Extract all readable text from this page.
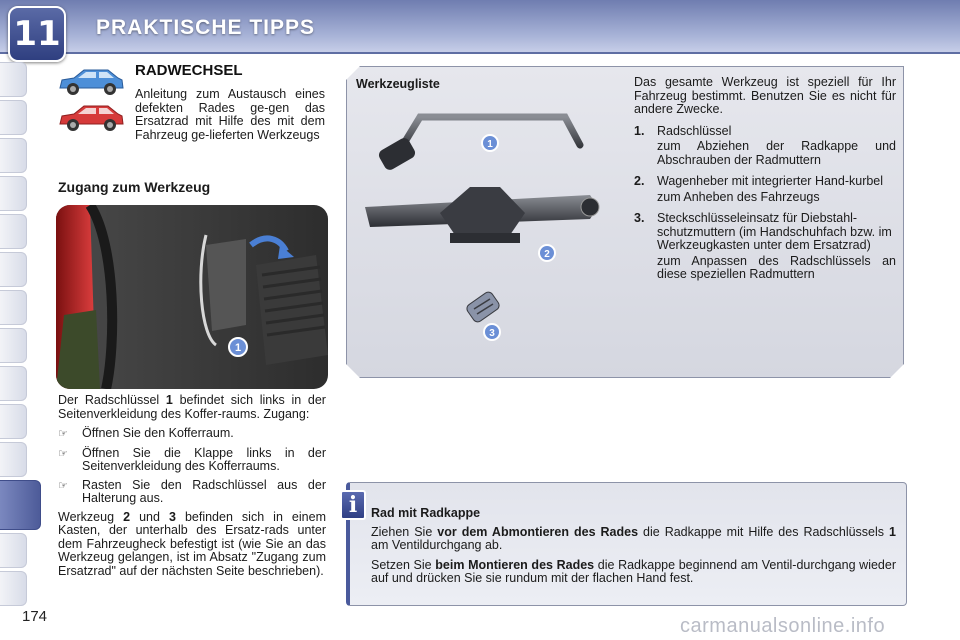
11 PRAKTISCHE TIPPS
RADWECHSEL
Anleitung zum Austausch eines defekten Rades ge-gen das Ersatzrad mit Hilfe des mit dem Fahrzeug ge-lieferten Werkzeugs
Zugang zum Werkzeug
1

Der Radschlüssel 1 befindet sich links in der Seitenverkleidung des Koffer-raums. Zugang:

☞	Öffnen Sie den Kofferraum.
☞	Öffnen Sie die Klappe links in der Seitenverkleidung des Kofferraums.
☞	Rasten Sie den Radschlüssel aus der Halterung aus.

Werkzeug 2 und 3 befinden sich in einem Kasten, der unterhalb des Ersatz-rads unter dem Fahrzeugheck befestigt ist (wie Sie an das Werkzeug gelangen, ist im Absatz "Zugang zum Ersatzrad" auf der nächsten Seite beschrieben).

174
Werkzeugliste
1
2
3

Das gesamte Werkzeug ist speziell für Ihr Fahrzeug bestimmt. Benutzen Sie es nicht für andere Zwecke.

1.	Radschlüssel

zum Abziehen der Radkappe und Abschrauben der Radmuttern

2.	Wagenheber mit integrierter Hand-kurbel

zum Anheben des Fahrzeugs

3.	Steckschlüsseleinsatz für Diebstahl-schutzmuttern (im Handschuhfach bzw. im Werkzeugkasten unter dem Ersatzrad)

zum Anpassen des Radschlüssels an diese speziellen Radmuttern

i	Rad mit Radkappe

Ziehen Sie vor dem Abmontieren des Rades die Radkappe mit Hilfe des Radschlüssels 1 am Ventildurchgang ab.

Setzen Sie beim Montieren des Rades die Radkappe beginnend am Ventil-durchgang wieder auf und drücken Sie sie rundum mit der flachen Hand fest.

carmanualsonline.info
